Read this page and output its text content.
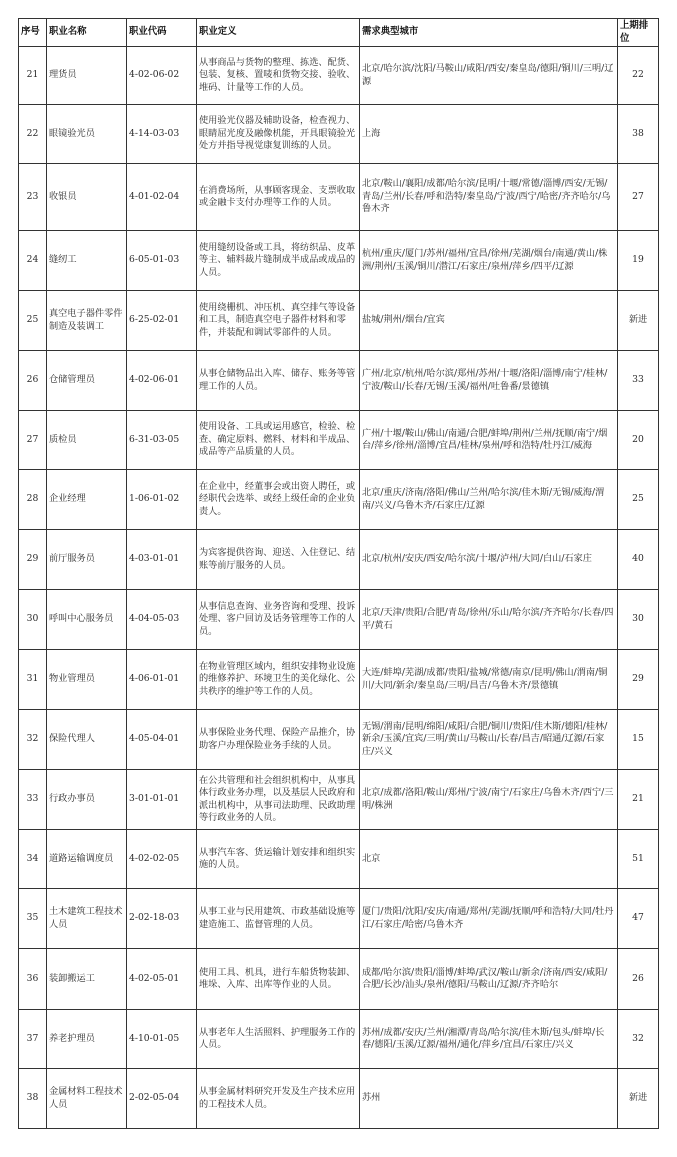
序号	职业名称	职业代码	职业定义	需求典型城市	上期排位
21	理货员	4-02-06-02	从事商品与货物的整理、拣选、配货、包装、复核、置唛和货物交接、验收、堆码、计量等工作的人员。	北京/哈尔滨/沈阳/马鞍山/咸阳/西安/秦皇岛/德阳/铜川/三明/辽源	22
22	眼镜验光员	4-14-03-03	使用验光仪器及辅助设备，检查视力、眼睛屈光度及融像机能，开具眼镜验光处方并指导视觉康复训练的人员。	上海	38
23	收银员	4-01-02-04	在消费场所，从事顾客现金、支票收取或金融卡支付办理等工作的人员。	北京/鞍山/襄阳/成都/哈尔滨/昆明/十堰/常德/淄博/西安/无锡/青岛/兰州/长春/呼和浩特/秦皇岛/宁波/西宁/哈密/齐齐哈尔/乌鲁木齐	27
24	缝纫工	6-05-01-03	使用缝纫设备或工具，将纺织品、皮革等主、辅料裁片缝制成半成品或成品的人员。	杭州/重庆/厦门/苏州/福州/宜昌/徐州/芜湖/烟台/南通/黄山/株洲/荆州/玉溪/铜川/潜江/石家庄/泉州/萍乡/四平/辽源	19
25	真空电子器件零件制造及装调工	6-25-02-01	使用绕栅机、冲压机、真空排气等设备和工具，制造真空电子器件材料和零件，并装配和调试零部件的人员。	盐城/荆州/烟台/宜宾	新进
26	仓储管理员	4-02-06-01	从事仓储物品出入库、储存、账务等管理工作的人员。	广州/北京/杭州/哈尔滨/郑州/苏州/十堰/洛阳/淄博/南宁/桂林/宁波/鞍山/长春/无锡/玉溪/福州/吐鲁番/景德镇	33
27	质检员	6-31-03-05	使用设备、工具或运用感官，检验、检查、确定原料、燃料、材料和半成品、成品等产品质量的人员。	广州/十堰/鞍山/佛山/南通/合肥/蚌埠/荆州/兰州/抚顺/南宁/烟台/萍乡/徐州/淄博/宜昌/桂林/泉州/呼和浩特/牡丹江/威海	20
28	企业经理	1-06-01-02	在企业中，经董事会或出资人聘任，或经职代会选举、或经上级任命的企业负责人。	北京/重庆/济南/洛阳/佛山/兰州/哈尔滨/佳木斯/无锡/威海/渭南/兴义/乌鲁木齐/石家庄/辽源	25
29	前厅服务员	4-03-01-01	为宾客提供咨询、迎送、入住登记、结账等前厅服务的人员。	北京/杭州/安庆/西安/哈尔滨/十堰/泸州/大同/白山/石家庄	40
30	呼叫中心服务员	4-04-05-03	从事信息查询、业务咨询和受理、投诉处理、客户回访及话务管理等工作的人员。	北京/天津/贵阳/合肥/青岛/徐州/乐山/哈尔滨/齐齐哈尔/长春/四平/黄石	30
31	物业管理员	4-06-01-01	在物业管理区域内，组织安排物业设施的维修养护、环境卫生的美化绿化、公共秩序的维护等工作的人员。	大连/蚌埠/芜湖/成都/贵阳/盐城/常德/南京/昆明/佛山/渭南/铜川/大同/新余/秦皇岛/三明/昌吉/乌鲁木齐/景德镇	29
32	保险代理人	4-05-04-01	从事保险业务代理、保险产品推介，协助客户办理保险业务手续的人员。	无锡/渭南/昆明/绵阳/咸阳/合肥/铜川/贵阳/佳木斯/德阳/桂林/新余/玉溪/宜宾/三明/黄山/马鞍山/长春/昌吉/昭通/辽源/石家庄/兴义	15
33	行政办事员	3-01-01-01	在公共管理和社会组织机构中，从事具体行政业务办理，以及基层人民政府和派出机构中，从事司法助理、民政助理等行政业务的人员。	北京/成都/洛阳/鞍山/郑州/宁波/南宁/石家庄/乌鲁木齐/西宁/三明/株洲	21
34	道路运输调度员	4-02-02-05	从事汽车客、货运输计划安排和组织实施的人员。	北京	51
35	土木建筑工程技术人员	2-02-18-03	从事工业与民用建筑、市政基础设施等建造施工、监督管理的人员。	厦门/贵阳/沈阳/安庆/南通/郑州/芜湖/抚顺/呼和浩特/大同/牡丹江/石家庄/哈密/乌鲁木齐	47
36	装卸搬运工	4-02-05-01	使用工具、机具，进行车船货物装卸、堆垛、入库、出库等作业的人员。	成都/哈尔滨/贵阳/淄博/蚌埠/武汉/鞍山/新余/济南/西安/咸阳/合肥/长沙/汕头/泉州/德阳/马鞍山/辽源/齐齐哈尔	26
37	养老护理员	4-10-01-05	从事老年人生活照料、护理服务工作的人员。	苏州/成都/安庆/兰州/湘潭/青岛/哈尔滨/佳木斯/包头/蚌埠/长春/德阳/玉溪/辽源/福州/通化/萍乡/宜昌/石家庄/兴义	32
38	金属材料工程技术人员	2-02-05-04	从事金属材料研究开发及生产技术应用的工程技术人员。	苏州	新进
